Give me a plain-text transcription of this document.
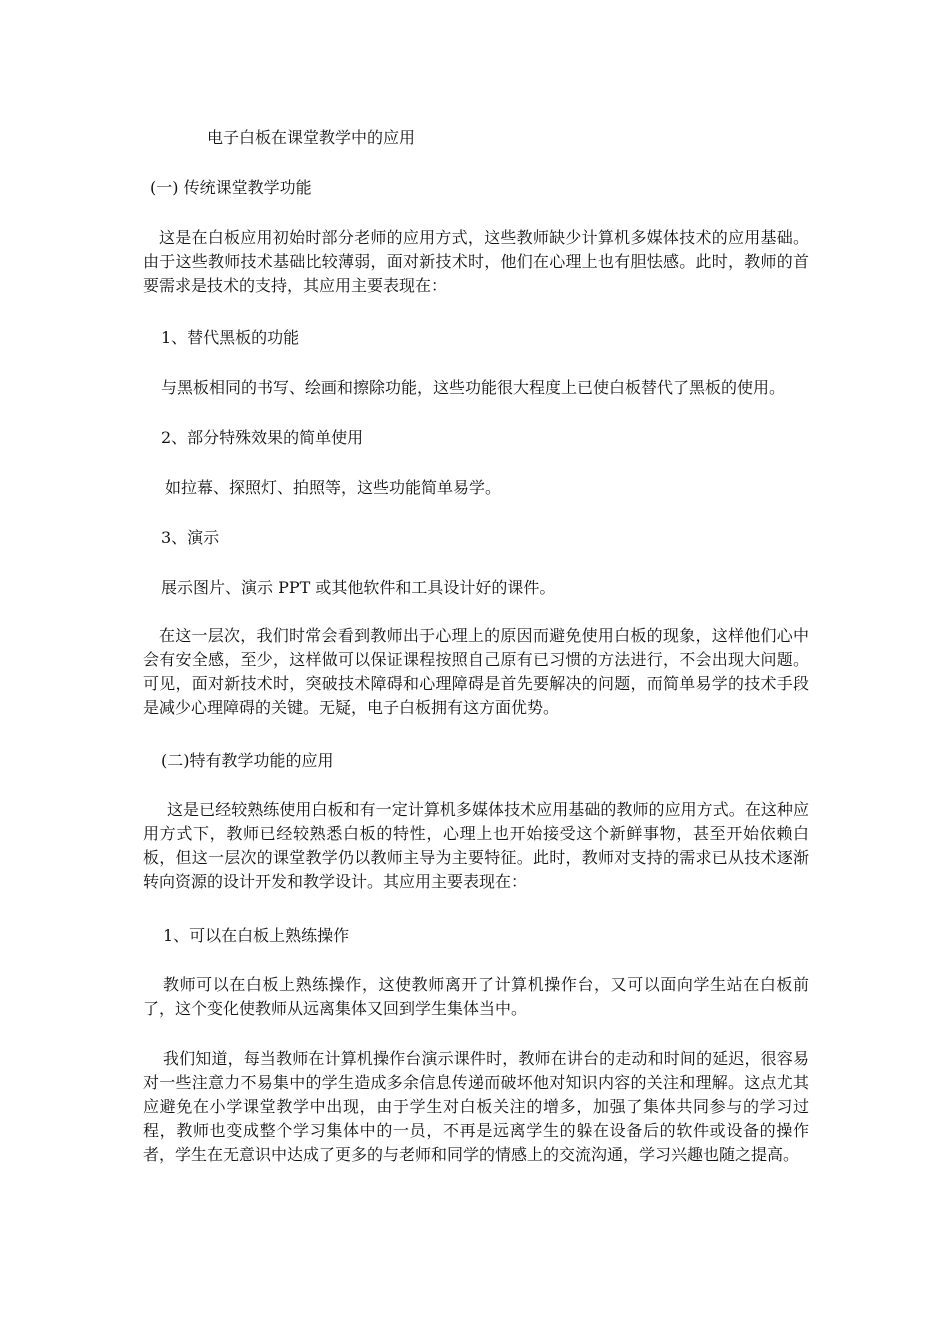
电子白板在课堂教学中的应用
(一) 传统课堂教学功能

这是在白板应用初始时部分老师的应用方式，这些教师缺少计算机多媒体技术的应用基础。由于这些教师技术基础比较薄弱，面对新技术时，他们在心理上也有胆怯感。此时，教师的首要需求是技术的支持，其应用主要表现在：

1、替代黑板的功能
与黑板相同的书写、绘画和擦除功能，这些功能很大程度上已使白板替代了黑板的使用。
2、部分特殊效果的简单使用
如拉幕、探照灯、拍照等，这些功能简单易学。
3、演示
展示图片、演示 PPT 或其他软件和工具设计好的课件。

在这一层次，我们时常会看到教师出于心理上的原因而避免使用白板的现象，这样他们心中会有安全感，至少，这样做可以保证课程按照自己原有已习惯的方法进行，不会出现大问题。可见，面对新技术时，突破技术障碍和心理障碍是首先要解决的问题，而简单易学的技术手段是减少心理障碍的关键。无疑，电子白板拥有这方面优势。

(二)特有教学功能的应用

这是已经较熟练使用白板和有一定计算机多媒体技术应用基础的教师的应用方式。在这种应用方式下，教师已经较熟悉白板的特性，心理上也开始接受这个新鲜事物，甚至开始依赖白板，但这一层次的课堂教学仍以教师主导为主要特征。此时，教师对支持的需求已从技术逐渐转向资源的设计开发和教学设计。其应用主要表现在：

1、可以在白板上熟练操作

教师可以在白板上熟练操作，这使教师离开了计算机操作台，又可以面向学生站在白板前了，这个变化使教师从远离集体又回到学生集体当中。

我们知道，每当教师在计算机操作台演示课件时，教师在讲台的走动和时间的延迟，很容易对一些注意力不易集中的学生造成多余信息传递而破坏他对知识内容的关注和理解。这点尤其应避免在小学课堂教学中出现，由于学生对白板关注的增多，加强了集体共同参与的学习过程，教师也变成整个学习集体中的一员，不再是远离学生的躲在设备后的软件或设备的操作者，学生在无意识中达成了更多的与老师和同学的情感上的交流沟通，学习兴趣也随之提高。
